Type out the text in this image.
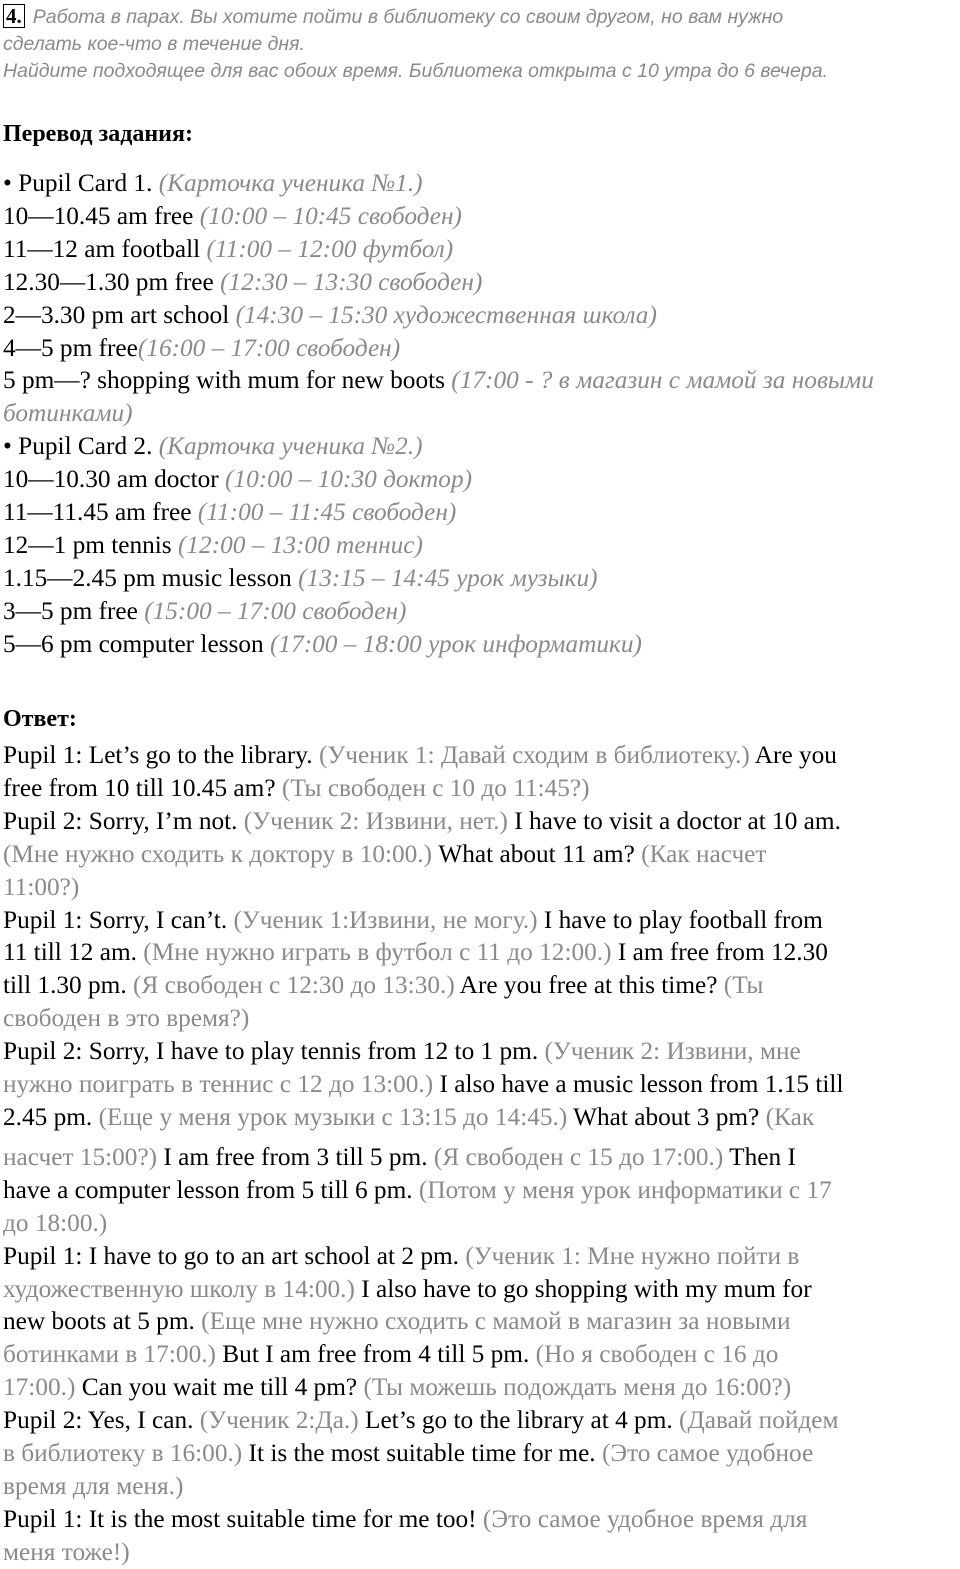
4. Работа в парах. Вы хотите пойти в библиотеку со своим другом, но вам нужно
сделать кое-что в течение дня.
Найдите подходящее для вас обоих время. Библиотека открыта с 10 утра до 6 вечера.
Перевод задания:
• Pupil Card 1. (Карточка ученика №1.)
10—10.45 am free (10:00 – 10:45 свободен)
11—12 am football (11:00 – 12:00 футбол)
12.30—1.30 pm free (12:30 – 13:30 свободен)
2—3.30 pm art school (14:30 – 15:30 художественная школа)
4—5 pm free(16:00 – 17:00 свободен)
5 pm—? shopping with mum for new boots (17:00 - ? в магазин с мамой за новыми ботинками)
• Pupil Card 2. (Карточка ученика №2.)
10—10.30 am doctor (10:00 – 10:30 доктор)
11—11.45 am free (11:00 – 11:45 свободен)
12—1 pm tennis (12:00 – 13:00 теннис)
1.15—2.45 pm music lesson (13:15 – 14:45 урок музыки)
3—5 pm free (15:00 – 17:00 свободен)
5—6 pm computer lesson (17:00 – 18:00 урок информатики)
Ответ:
Pupil 1: Let’s go to the library. (Ученик 1: Давай сходим в библиотеку.) Are you
free from 10 till 10.45 am? (Ты свободен с 10 до 11:45?)
Pupil 2: Sorry, I’m not. (Ученик 2: Извини, нет.) I have to visit a doctor at 10 am.
(Мне нужно сходить к доктору в 10:00.) What about 11 am? (Как насчет
11:00?)
Pupil 1: Sorry, I can’t. (Ученик 1:Извини, не могу.) I have to play football from
11 till 12 am. (Мне нужно играть в футбол с 11 до 12:00.) I am free from 12.30
till 1.30 pm. (Я свободен с 12:30 до 13:30.) Are you free at this time? (Ты
свободен в это время?)
Pupil 2: Sorry, I have to play tennis from 12 to 1 pm. (Ученик 2: Извини, мне
нужно поиграть в теннис с 12 до 13:00.) I also have a music lesson from 1.15 till
2.45 pm. (Еще у меня урок музыки с 13:15 до 14:45.) What about 3 pm? (Как
насчет 15:00?) I am free from 3 till 5 pm. (Я свободен с 15 до 17:00.) Then I
have a computer lesson from 5 till 6 pm. (Потом у меня урок информатики с 17
до 18:00.)
Pupil 1: I have to go to an art school at 2 pm. (Ученик 1: Мне нужно пойти в
художественную школу в 14:00.) I also have to go shopping with my mum for
new boots at 5 pm. (Еще мне нужно сходить с мамой в магазин за новыми
ботинками в 17:00.) But I am free from 4 till 5 pm. (Но я свободен с 16 до
17:00.) Can you wait me till 4 pm? (Ты можешь подождать меня до 16:00?)
Pupil 2: Yes, I can. (Ученик 2:Да.) Let’s go to the library at 4 pm. (Давай пойдем
в библиотеку в 16:00.) It is the most suitable time for me. (Это самое удобное
время для меня.)
Pupil 1: It is the most suitable time for me too! (Это самое удобное время для
меня тоже!)
